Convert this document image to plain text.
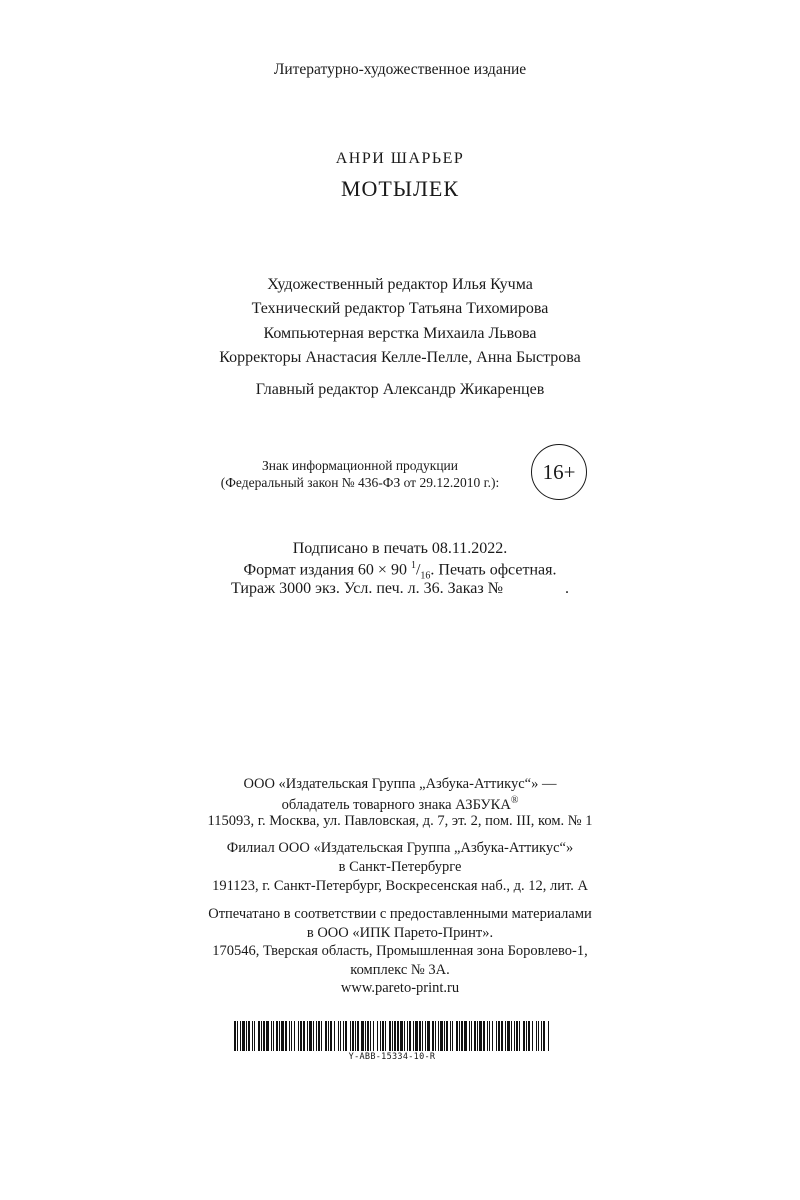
Литературно-художественное издание
АНРИ ШАРЬЕР
МОТЫЛЕК
Художественный редактор Илья Кучма
Технический редактор Татьяна Тихомирова
Компьютерная верстка Михаила Львова
Корректоры Анастасия Келле-Пелле, Анна Быстрова
Главный редактор Александр Жикаренцев
Знак информационной продукции
(Федеральный закон № 436-ФЗ от 29.12.2010 г.):	16+
Подписано в печать 08.11.2022.
Формат издания 60 × 90 $^1/_{16}$. Печать офсетная.
Тираж 3000 экз. Усл. печ. л. 36. Заказ №	.
ООО «Издательская Группа „Азбука-Аттикус“» —
обладатель товарного знака АЗБУКА®
115093, г. Москва, ул. Павловская, д. 7, эт. 2, пом. III, ком. № 1
Филиал ООО «Издательская Группа „Азбука-Аттикус“»
в Санкт-Петербурге
191123, г. Санкт-Петербург, Воскресенская наб., д. 12, лит. А
Отпечатано в соответствии с предоставленными материалами
в ООО «ИПК Парето-Принт».
170546, Тверская область, Промышленная зона Боровлево-1,
комплекс № 3А.
www.pareto-print.ru
Y-ABB-15334-10-R
